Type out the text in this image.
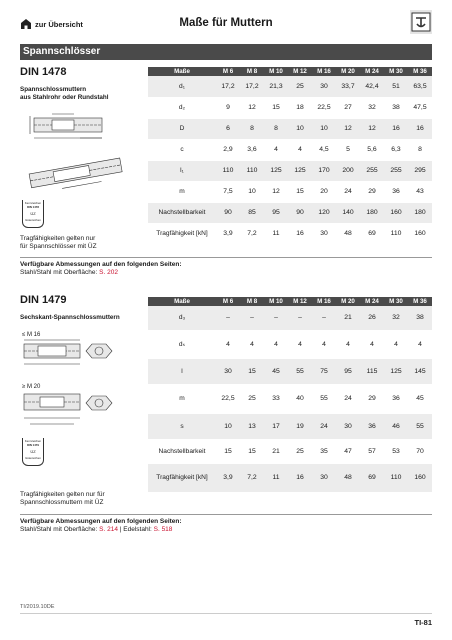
zur Übersicht	Maße für Muttern
Spannschlösser
DIN 1478
Spannschlossmuttern
aus Stahlrohr oder Rundstahl
Kennzeichen
DIN 1478
ÜZ
Gütezeichen
Tragfähigkeiten gelten nur
für Spannschlösser mit ÜZ
Maße	M 6	M 8	M 10	M 12	M 16	M 20	M 24	M 30	M 36
d₁	17,2	17,2	21,3	25	30	33,7	42,4	51	63,5
d₂	9	12	15	18	22,5	27	32	38	47,5
D	6	8	8	10	10	12	12	16	16
c	2,9	3,6	4	4	4,5	5	5,6	6,3	8
l₁	110	110	125	125	170	200	255	255	295
m	7,5	10	12	15	20	24	29	36	43
Nachstellbarkeit	90	85	95	90	120	140	180	160	180
Tragfähigkeit [kN]	3,9	7,2	11	16	30	48	69	110	160
Verfügbare Abmessungen auf den folgenden Seiten:
Stahl/Stahl mit Oberfläche: S. 202
DIN 1479
Sechskant-Spannschlossmuttern
≤ M 16
≥ M 20
Kennzeichen
DIN 1479
ÜZ
Gütezeichen
Tragfähigkeiten gelten nur für
Spannschlossmuttern mit ÜZ
Maße	M 6	M 8	M 10	M 12	M 16	M 20	M 24	M 30	M 36
d₃	–	–	–	–	–	21	26	32	38
dₛ	4	4	4	4	4	4	4	4	4
l	30	15	45	55	75	95	115	125	145
m	22,5	25	33	40	55	24	29	36	45
s	10	13	17	19	24	30	36	46	55
Nachstellbarkeit	15	15	21	25	35	47	57	53	70
Tragfähigkeit [kN]	3,9	7,2	11	16	30	48	69	110	160
Verfügbare Abmessungen auf den folgenden Seiten:
Stahl/Stahl mit Oberfläche: S. 214 | Edelstahl: S. 518
TI/2019.10DE
TI-81
